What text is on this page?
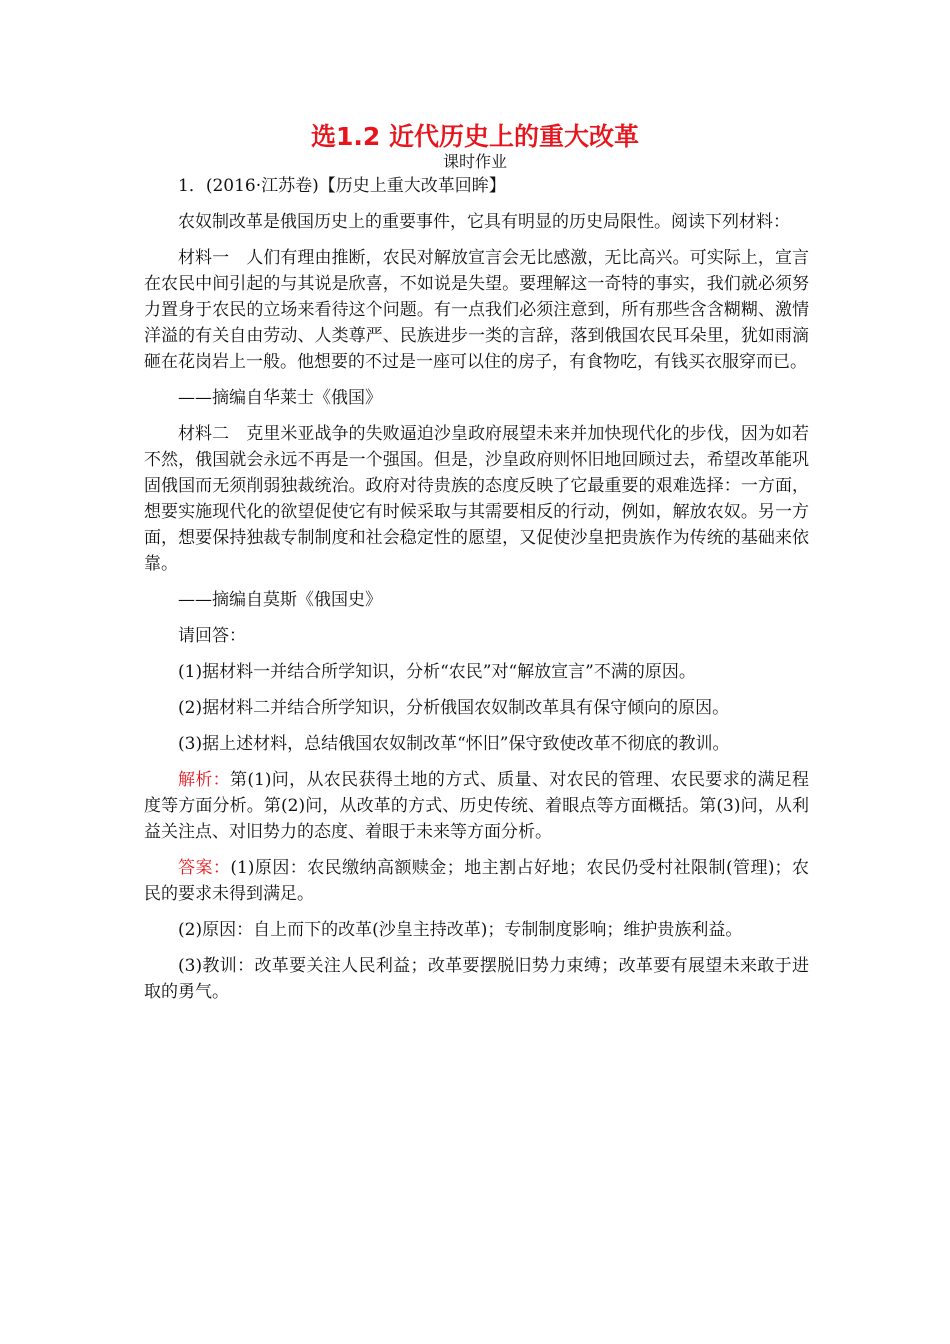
选1.2 近代历史上的重大改革
课时作业

1．(2016·江苏卷)【历史上重大改革回眸】

农奴制改革是俄国历史上的重要事件，它具有明显的历史局限性。阅读下列材料：

材料一　人们有理由推断，农民对解放宣言会无比感激，无比高兴。可实际上，宣言在农民中间引起的与其说是欣喜，不如说是失望。要理解这一奇特的事实，我们就必须努力置身于农民的立场来看待这个问题。有一点我们必须注意到，所有那些含含糊糊、激情洋溢的有关自由劳动、人类尊严、民族进步一类的言辞，落到俄国农民耳朵里，犹如雨滴砸在花岗岩上一般。他想要的不过是一座可以住的房子，有食物吃，有钱买衣服穿而已。

——摘编自华莱士《俄国》

材料二　克里米亚战争的失败逼迫沙皇政府展望未来并加快现代化的步伐，因为如若不然，俄国就会永远不再是一个强国。但是，沙皇政府则怀旧地回顾过去，希望改革能巩固俄国而无须削弱独裁统治。政府对待贵族的态度反映了它最重要的艰难选择：一方面，想要实施现代化的欲望促使它有时候采取与其需要相反的行动，例如，解放农奴。另一方面，想要保持独裁专制制度和社会稳定性的愿望，又促使沙皇把贵族作为传统的基础来依靠。

——摘编自莫斯《俄国史》

请回答：

(1)据材料一并结合所学知识，分析“农民”对“解放宣言”不满的原因。

(2)据材料二并结合所学知识，分析俄国农奴制改革具有保守倾向的原因。

(3)据上述材料，总结俄国农奴制改革“怀旧”保守致使改革不彻底的教训。

解析：第(1)问，从农民获得土地的方式、质量、对农民的管理、农民要求的满足程度等方面分析。第(2)问，从改革的方式、历史传统、着眼点等方面概括。第(3)问，从利益关注点、对旧势力的态度、着眼于未来等方面分析。

答案：(1)原因：农民缴纳高额赎金；地主割占好地；农民仍受村社限制(管理)；农民的要求未得到满足。

(2)原因：自上而下的改革(沙皇主持改革)；专制制度影响；维护贵族利益。

(3)教训：改革要关注人民利益；改革要摆脱旧势力束缚；改革要有展望未来敢于进取的勇气。
